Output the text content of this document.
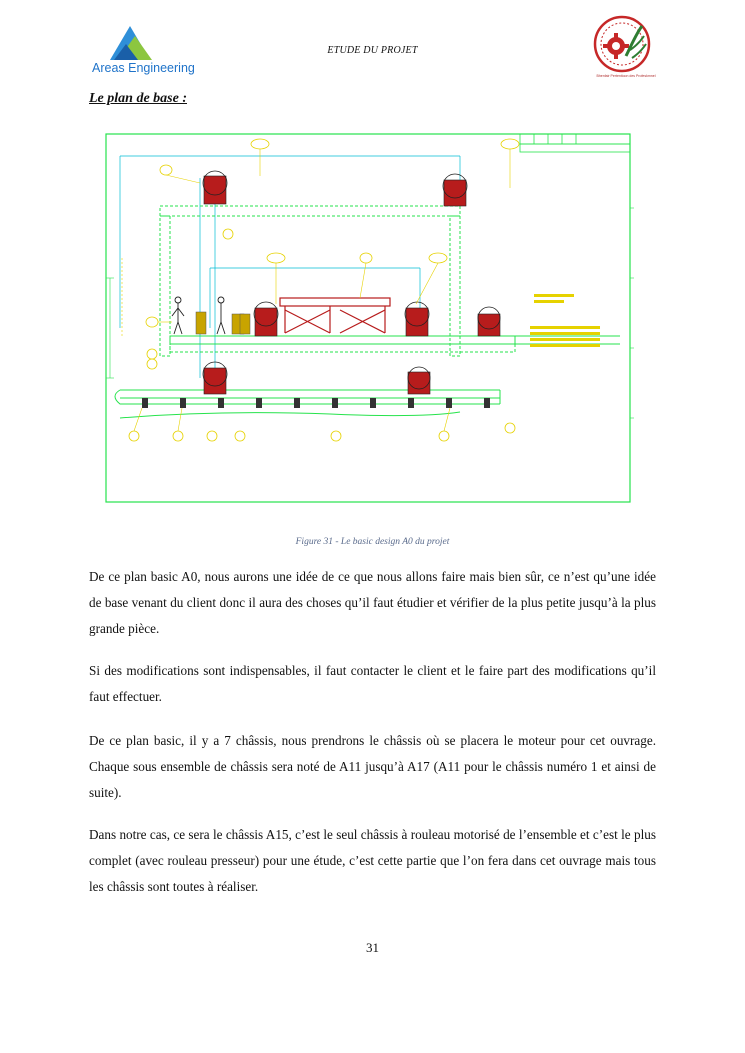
Areas Engineering
ETUDE DU PROJET
Bhenfair Pertentioon des Profeskmnel
Le plan de base :
Figure 31 - Le basic design A0 du projet

De ce plan basic A0, nous aurons une idée de ce que nous allons faire mais bien sûr, ce n’est qu’une idée de base venant du client donc il aura des choses qu’il faut étudier et vérifier de la plus petite jusqu’à la plus grande pièce.

Si des modifications sont indispensables, il faut contacter le client et le faire part des modifications qu’il faut effectuer.

De ce plan basic, il y a 7 châssis, nous prendrons le châssis où se placera le moteur pour cet ouvrage. Chaque sous ensemble de châssis sera noté de A11 jusqu’à A17 (A11 pour le châssis numéro 1 et ainsi de suite).

Dans notre cas, ce sera le châssis A15, c’est le seul châssis à rouleau motorisé de l’ensemble et c’est le plus complet (avec rouleau presseur) pour une étude, c’est cette partie que l’on fera dans cet ouvrage mais tous les châssis sont toutes à réaliser.

31
